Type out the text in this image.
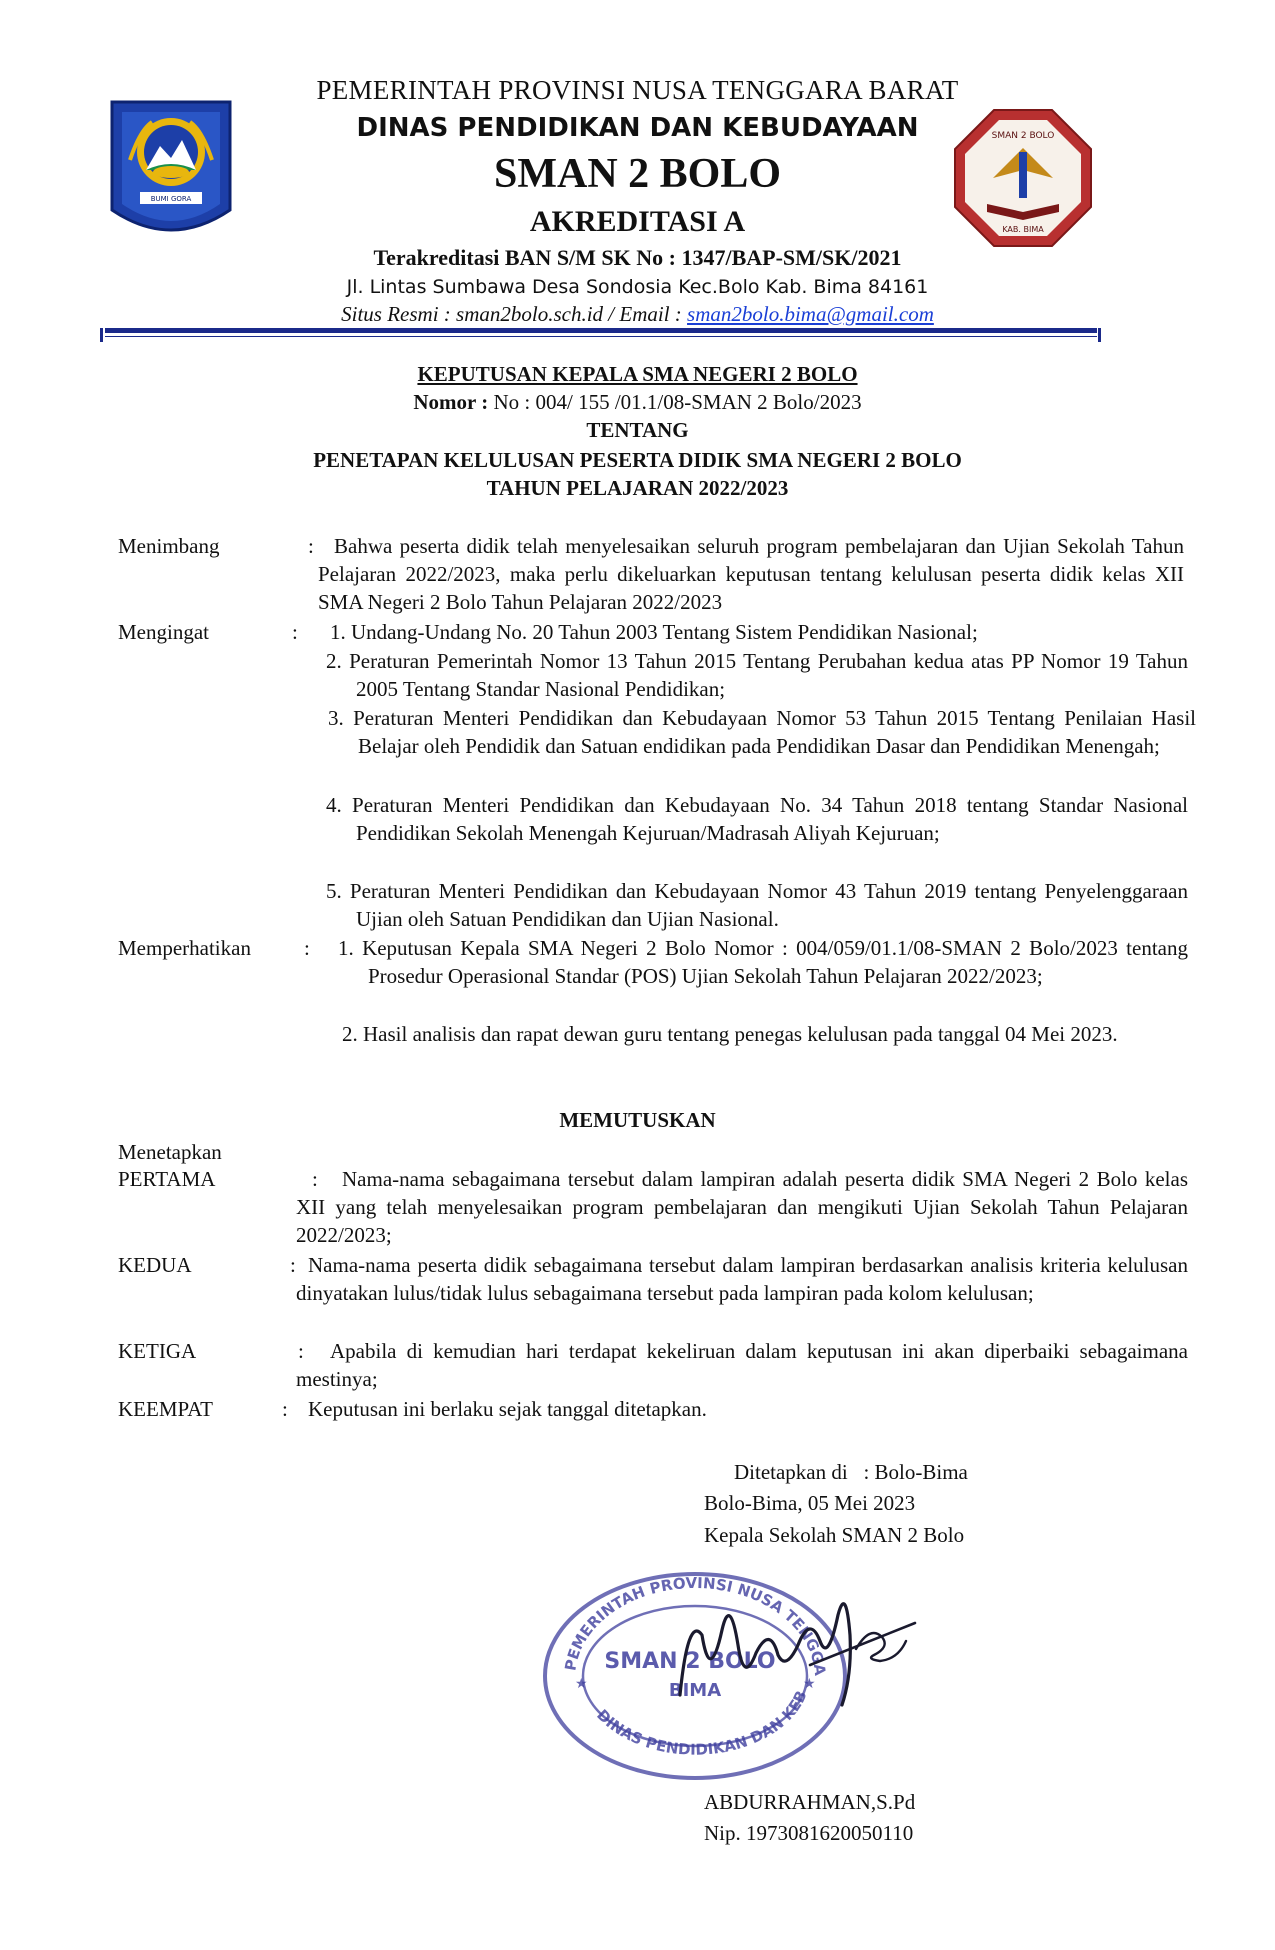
BUMI GORA
SMAN 2 BOLO
KAB. BIMA
PEMERINTAH PROVINSI NUSA TENGGARA BARAT
DINAS PENDIDIKAN DAN KEBUDAYAAN
SMAN 2 BOLO
AKREDITASI A
Terakreditasi BAN S/M SK No : 1347/BAP-SM/SK/2021
Jl. Lintas Sumbawa Desa Sondosia Kec.Bolo Kab. Bima 84161
Situs Resmi : sman2bolo.sch.id / Email : sman2bolo.bima@gmail.com
KEPUTUSAN KEPALA SMA NEGERI 2 BOLO
Nomor : No : 004/ 155 /01.1/08-SMAN 2 Bolo/2023
TENTANG
PENETAPAN KELULUSAN PESERTA DIDIK SMA NEGERI 2 BOLO
TAHUN PELAJARAN 2022/2023
Menimbang	: Bahwa peserta didik telah menyelesaikan seluruh program pembelajaran dan Ujian Sekolah Tahun Pelajaran 2022/2023, maka perlu dikeluarkan keputusan tentang kelulusan peserta didik kelas XII SMA Negeri 2 Bolo Tahun Pelajaran 2022/2023
Mengingat	: 1. Undang-Undang No. 20 Tahun 2003 Tentang Sistem Pendidikan Nasional;
2. Peraturan Pemerintah Nomor 13 Tahun 2015 Tentang Perubahan kedua atas PP Nomor 19 Tahun 2005 Tentang Standar Nasional Pendidikan;
3. Peraturan Menteri Pendidikan dan Kebudayaan Nomor 53 Tahun 2015 Tentang Penilaian Hasil Belajar oleh Pendidik dan Satuan endidikan pada Pendidikan Dasar dan Pendidikan Menengah;
4. Peraturan Menteri Pendidikan dan Kebudayaan No. 34 Tahun 2018 tentang Standar Nasional Pendidikan Sekolah Menengah Kejuruan/Madrasah Aliyah Kejuruan;
5. Peraturan Menteri Pendidikan dan Kebudayaan Nomor 43 Tahun 2019 tentang Penyelenggaraan Ujian oleh Satuan Pendidikan dan Ujian Nasional.
Memperhatikan	: 1. Keputusan Kepala SMA Negeri 2 Bolo Nomor : 004/059/01.1/08-SMAN 2 Bolo/2023 tentang Prosedur Operasional Standar (POS) Ujian Sekolah Tahun Pelajaran 2022/2023;
2. Hasil analisis dan rapat dewan guru tentang penegas kelulusan pada tanggal 04 Mei 2023.
MEMUTUSKAN
Menetapkan
PERTAMA	:	Nama-nama sebagaimana tersebut dalam lampiran adalah peserta didik SMA Negeri 2 Bolo kelas XII yang telah menyelesaikan program pembelajaran dan mengikuti Ujian Sekolah Tahun Pelajaran 2022/2023;
KEDUA	: Nama-nama peserta didik sebagaimana tersebut dalam lampiran berdasarkan analisis kriteria kelulusan dinyatakan lulus/tidak lulus sebagaimana tersebut pada lampiran pada kolom kelulusan;
KETIGA	:	Apabila di kemudian hari terdapat kekeliruan dalam keputusan ini akan diperbaiki sebagaimana mestinya;
KEEMPAT	: Keputusan ini berlaku sejak tanggal ditetapkan.
Ditetapkan di   : Bolo-Bima
Bolo-Bima, 05 Mei 2023
Kepala Sekolah SMAN 2 Bolo
PEMERINTAH PROVINSI NUSA TENGGA
DINAS PENDIDIKAN DAN KEB
SMAN 2 BOLO
BIMA
★	★
ABDURRAHMAN,S.Pd
Nip. 1973081620050110
